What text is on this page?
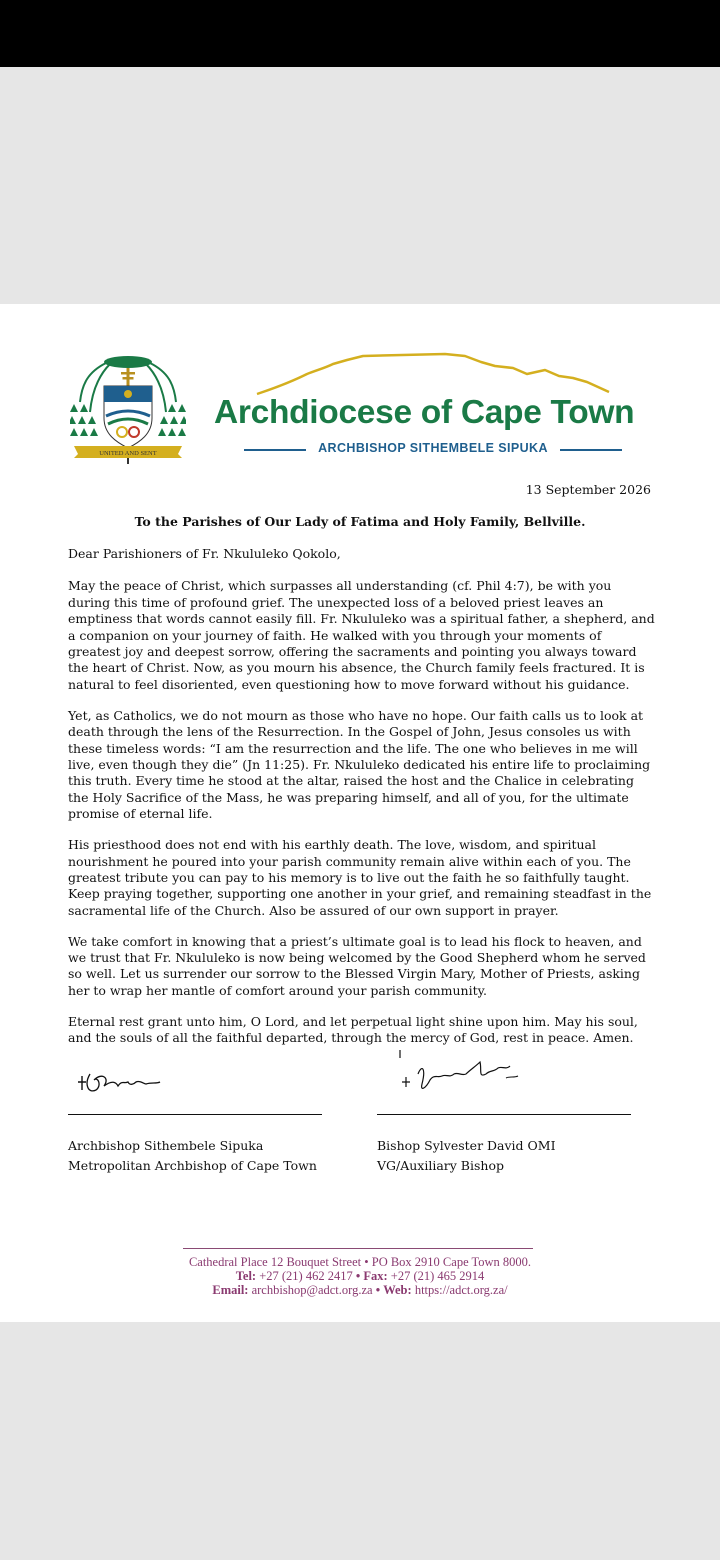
UNITED AND SENT
Archdiocese of Cape Town
ARCHBISHOP SITHEMBELE SIPUKA
13 September 2026
To the Parishes of Our Lady of Fatima and Holy Family, Bellville.

Dear Parishioners of Fr. Nkululeko Qokolo,

May the peace of Christ, which surpasses all understanding (cf. Phil 4:7), be with you during this time of profound grief. The unexpected loss of a beloved priest leaves an emptiness that words cannot easily fill. Fr. Nkululeko was a spiritual father, a shepherd, and a companion on your journey of faith. He walked with you through your moments of greatest joy and deepest sorrow, offering the sacraments and pointing you always toward the heart of Christ. Now, as you mourn his absence, the Church family feels fractured. It is natural to feel disoriented, even questioning how to move forward without his guidance.

Yet, as Catholics, we do not mourn as those who have no hope. Our faith calls us to look at death through the lens of the Resurrection. In the Gospel of John, Jesus consoles us with these timeless words: “I am the resurrection and the life. The one who believes in me will live, even though they die” (Jn 11:25). Fr. Nkululeko dedicated his entire life to proclaiming this truth. Every time he stood at the altar, raised the host and the Chalice in celebrating the Holy Sacrifice of the Mass, he was preparing himself, and all of you, for the ultimate promise of eternal life.

His priesthood does not end with his earthly death. The love, wisdom, and spiritual nourishment he poured into your parish community remain alive within each of you. The greatest tribute you can pay to his memory is to live out the faith he so faithfully taught. Keep praying together, supporting one another in your grief, and remaining steadfast in the sacramental life of the Church. Also be assured of our own support in prayer.

We take comfort in knowing that a priest’s ultimate goal is to lead his flock to heaven, and we trust that Fr. Nkululeko is now being welcomed by the Good Shepherd whom he served so well. Let us surrender our sorrow to the Blessed Virgin Mary, Mother of Priests, asking her to wrap her mantle of comfort around your parish community.

Eternal rest grant unto him, O Lord, and let perpetual light shine upon him. May his soul, and the souls of all the faithful departed, through the mercy of God, rest in peace. Amen.

Archbishop Sithembele Sipuka
Metropolitan Archbishop of Cape Town
Bishop Sylvester David OMI
VG/Auxiliary Bishop
Cathedral Place 12 Bouquet Street • PO Box 2910 Cape Town 8000.
Tel: +27 (21) 462 2417 • Fax: +27 (21) 465 2914
Email: archbishop@adct.org.za • Web: https://adct.org.za/
